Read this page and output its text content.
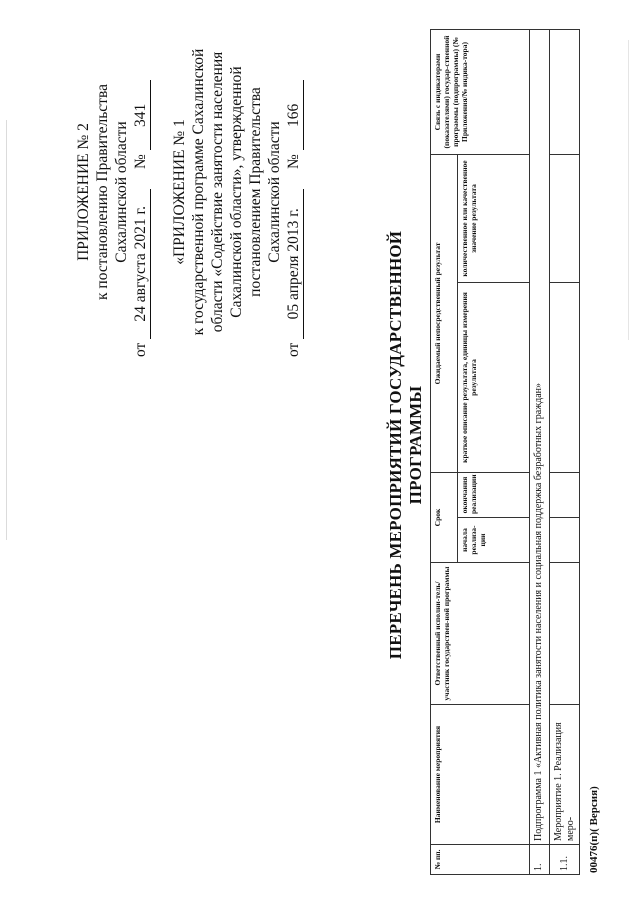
ПРИЛОЖЕНИЕ № 2 к постановлению Правительства Сахалинской области
от 24 августа 2021 г.  № 341
«ПРИЛОЖЕНИЕ № 1 к государственной программе Сахалинской области «Содействие занятости населения Сахалинской области», утвержденной постановлением Правительства Сахалинской области
от 05 апреля 2013 г.  № 166
ПЕРЕЧЕНЬ МЕРОПРИЯТИЙ ГОСУДАРСТВЕННОЙ ПРОГРАММЫ
№ пп.	Наименование мероприятия	Ответственный исполни-тель/участник государствен-ной программы	Срок		Ожидаемый непосредственный результат		Связь с индикаторами (показателями) государ-ственной программы (подпрограммы) (№ Приложения/№ индика-тора)
			начала реализа-ции	окончания реализации	краткое описание результата, единицы измерения результата	количественное или качественное значение результата	
1.	Подпрограмма 1 «Активная политика занятости населения и социальная поддержка безработных граждан»						
1.1.	Мероприятие 1. Реализация меро-						00476(п)( Версия)
